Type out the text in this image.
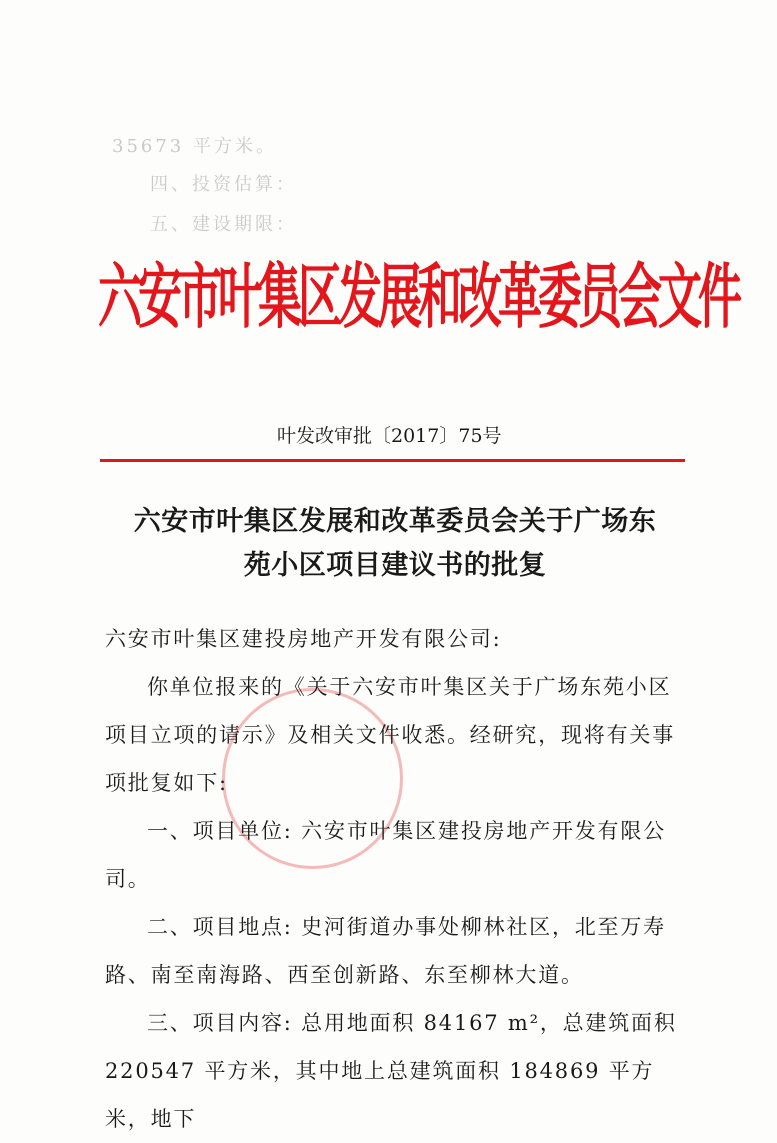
35673 平方米。
四、投资估算：
五、建设期限：
六安市叶集区发展和改革委员会文件
叶发改审批〔2017〕75号
六安市叶集区发展和改革委员会关于广场东
苑小区项目建议书的批复

六安市叶集区建投房地产开发有限公司:

你单位报来的《关于六安市叶集区关于广场东苑小区项目立项的请示》及相关文件收悉。经研究，现将有关事项批复如下:

一、项目单位: 六安市叶集区建投房地产开发有限公司。

二、项目地点: 史河街道办事处柳林社区，北至万寿路、南至南海路、西至创新路、东至柳林大道。

三、项目内容: 总用地面积 84167 m²，总建筑面积 220547 平方米，其中地上总建筑面积 184869 平方米，地下
